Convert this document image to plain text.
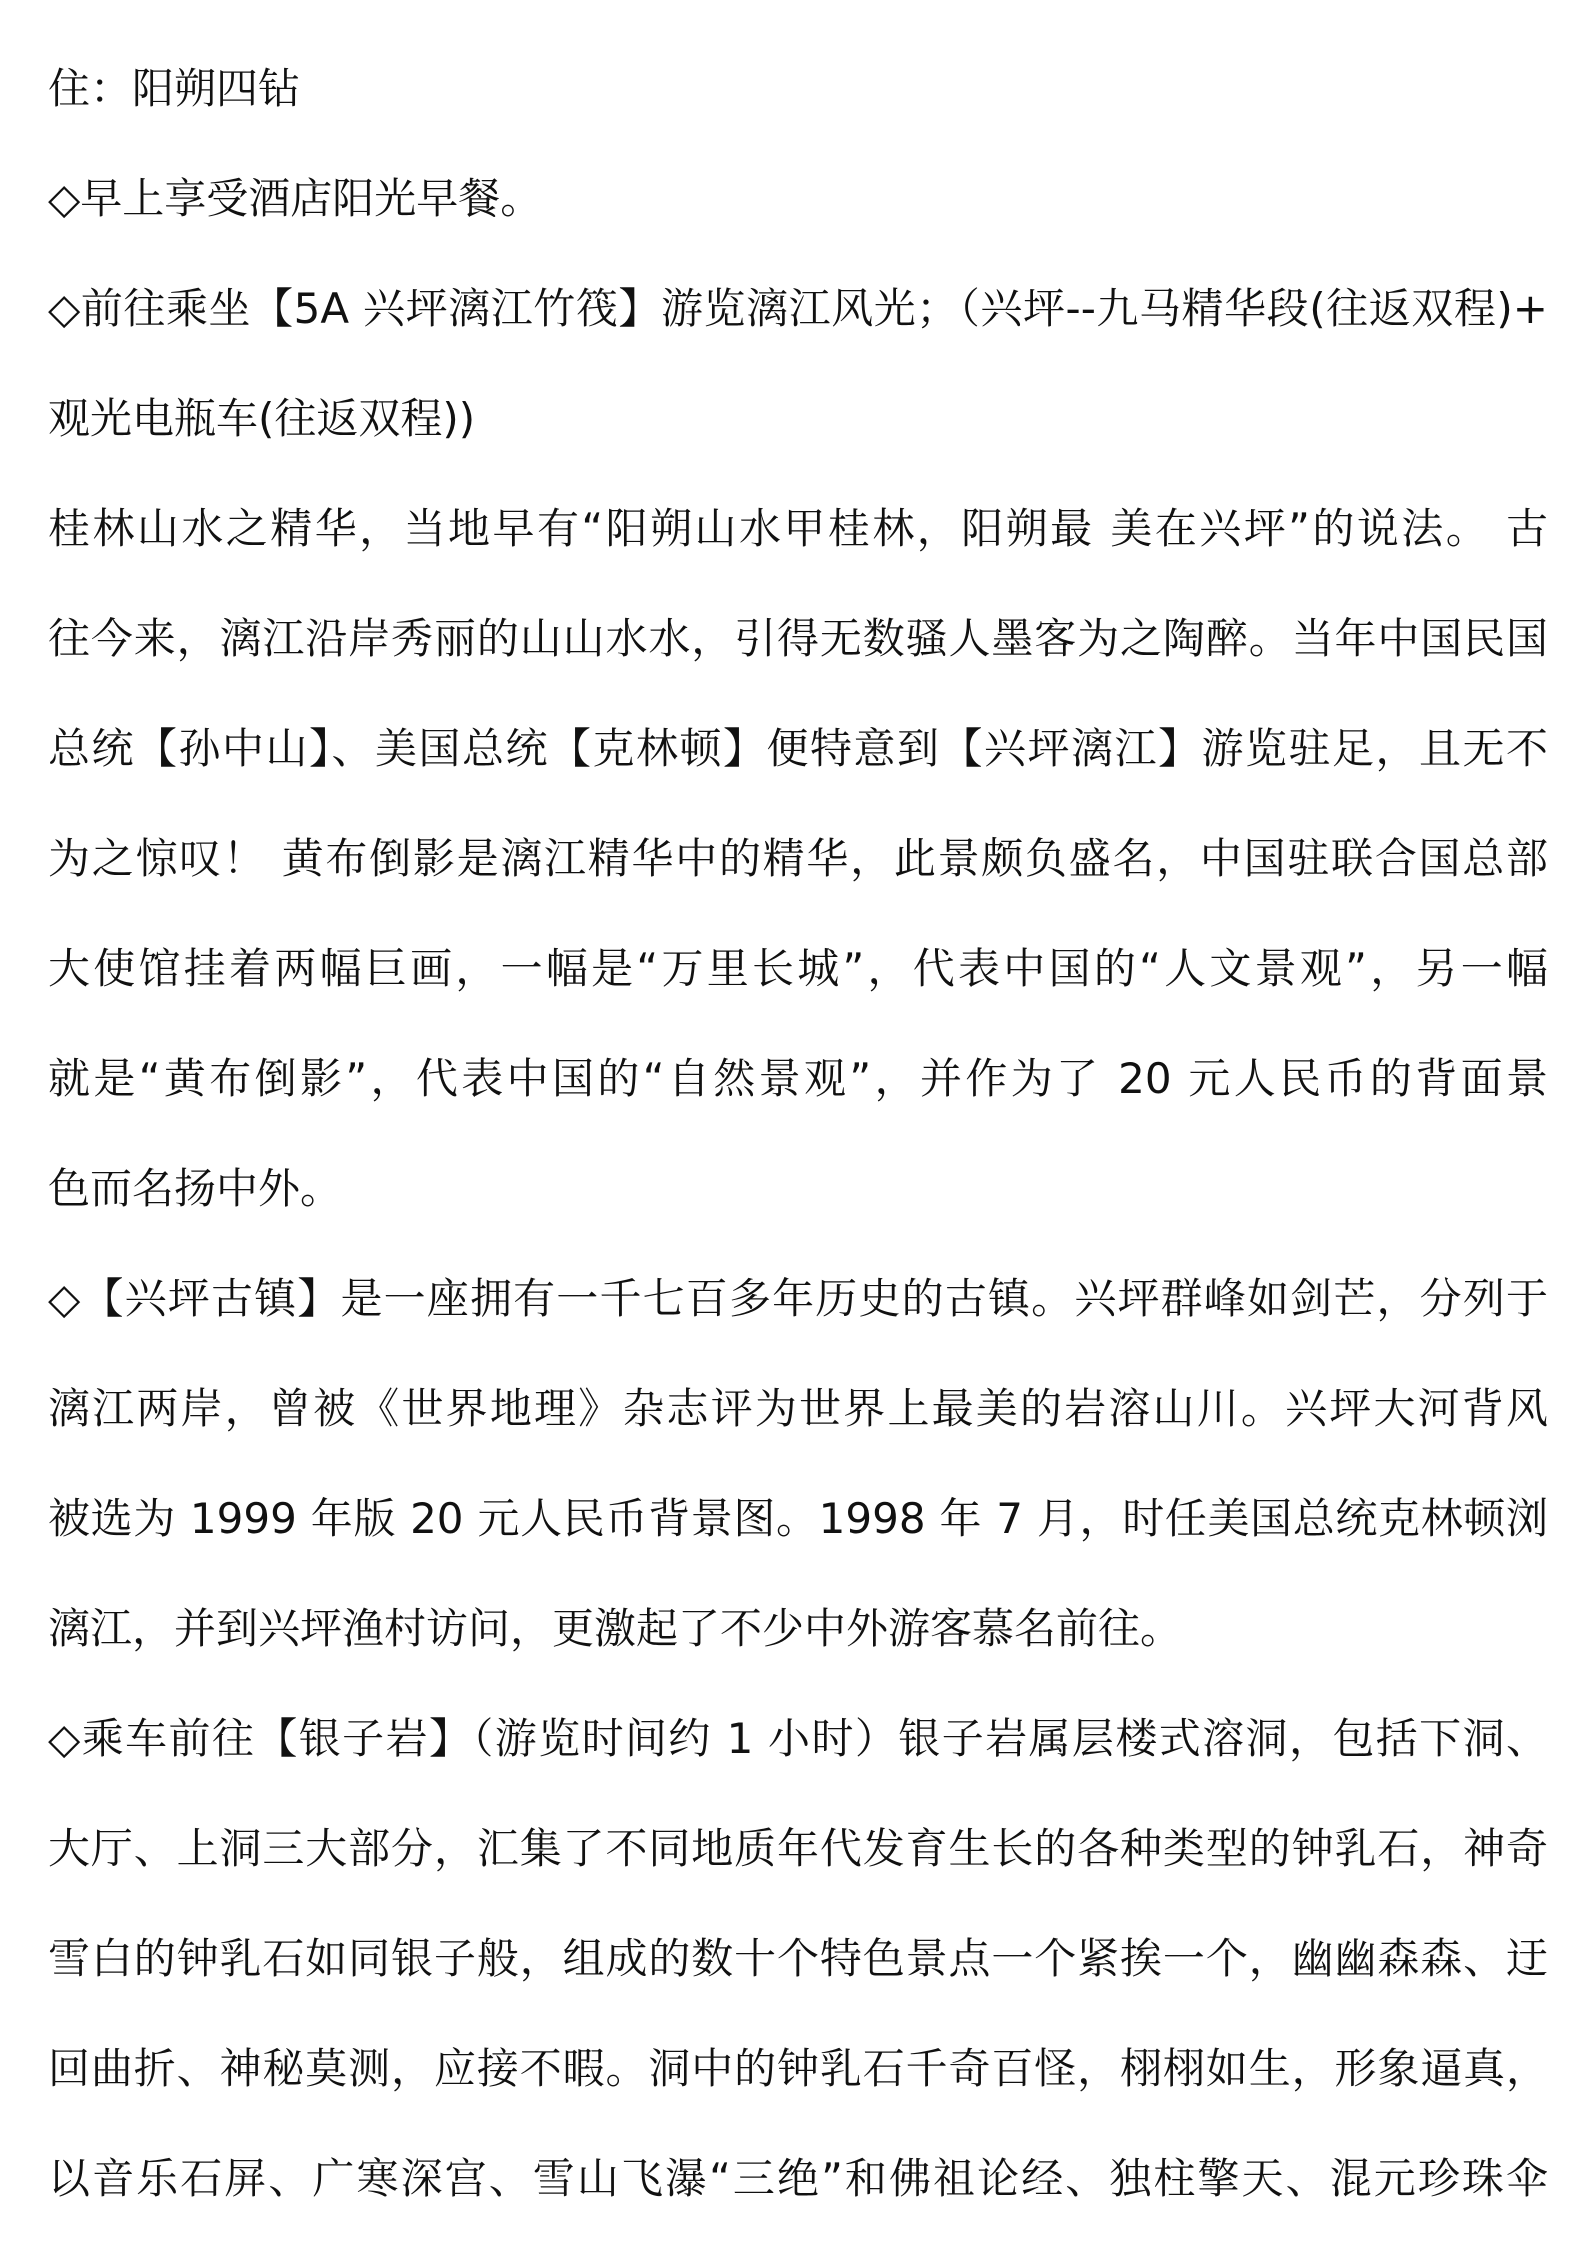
住：阳朔四钻
◇早上享受酒店阳光早餐。
◇前往乘坐【5A 兴坪漓江竹筏】游览漓江风光；（兴坪--九马精华段(往返双程)+
观光电瓶车(往返双程))
桂林山水之精华，当地早有“阳朔山水甲桂林，阳朔最 美在兴坪”的说法。 古
往今来，漓江沿岸秀丽的山山水水，引得无数骚人墨客为之陶醉。当年中国民国
总统【孙中山】、美国总统【克林顿】便特意到【兴坪漓江】游览驻足，且无不
为之惊叹！ 黄布倒影是漓江精华中的精华，此景颇负盛名，中国驻联合国总部
大使馆挂着两幅巨画，一幅是“万里长城”，代表中国的“人文景观”，另一幅
就是“黄布倒影”，代表中国的“自然景观”，并作为了 20 元人民币的背面景
色而名扬中外。
◇【兴坪古镇】是一座拥有一千七百多年历史的古镇。兴坪群峰如剑芒，分列于
漓江两岸，曾被《世界地理》杂志评为世界上最美的岩溶山川。兴坪大河背风
被选为 1999 年版 20 元人民币背景图。1998 年 7 月，时任美国总统克林顿浏
漓江，并到兴坪渔村访问，更激起了不少中外游客慕名前往。
◇乘车前往【银子岩】（游览时间约 1 小时）银子岩属层楼式溶洞，包括下洞、
大厅、上洞三大部分，汇集了不同地质年代发育生长的各种类型的钟乳石，神奇
雪白的钟乳石如同银子般，组成的数十个特色景点一个紧挨一个，幽幽森森、迂
回曲折、神秘莫测，应接不暇。洞中的钟乳石千奇百怪，栩栩如生，形象逼真，
以音乐石屏、广寒深宫、雪山飞瀑“三绝”和佛祖论经、独柱擎天、混元珍珠伞
